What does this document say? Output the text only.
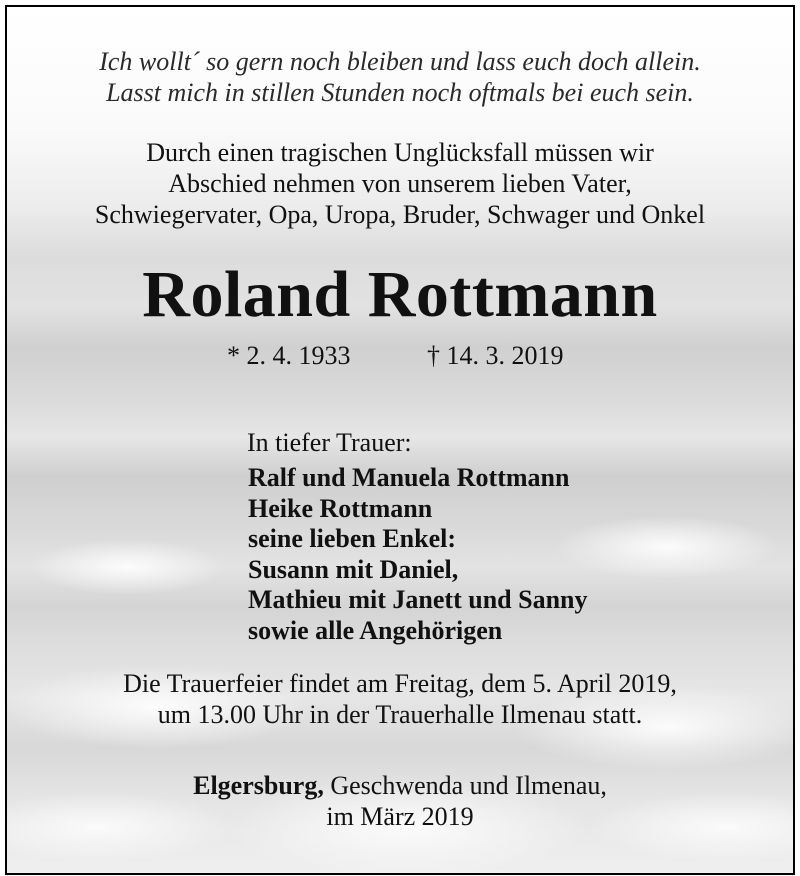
Ich wollt´ so gern noch bleiben und lass euch doch allein.
Lasst mich in stillen Stunden noch oftmals bei euch sein.
Durch einen tragischen Unglücksfall müssen wir
Abschied nehmen von unserem lieben Vater,
Schwiegervater, Opa, Uropa, Bruder, Schwager und Onkel
Roland Rottmann
* 2. 4. 1933	† 14. 3. 2019
In tiefer Trauer:
Ralf und Manuela Rottmann
Heike Rottmann
seine lieben Enkel:
Susann mit Daniel,
Mathieu mit Janett und Sanny
sowie alle Angehörigen
Die Trauerfeier findet am Freitag, dem 5. April 2019,
um 13.00 Uhr in der Trauerhalle Ilmenau statt.
Elgersburg, Geschwenda und Ilmenau,
im März 2019
